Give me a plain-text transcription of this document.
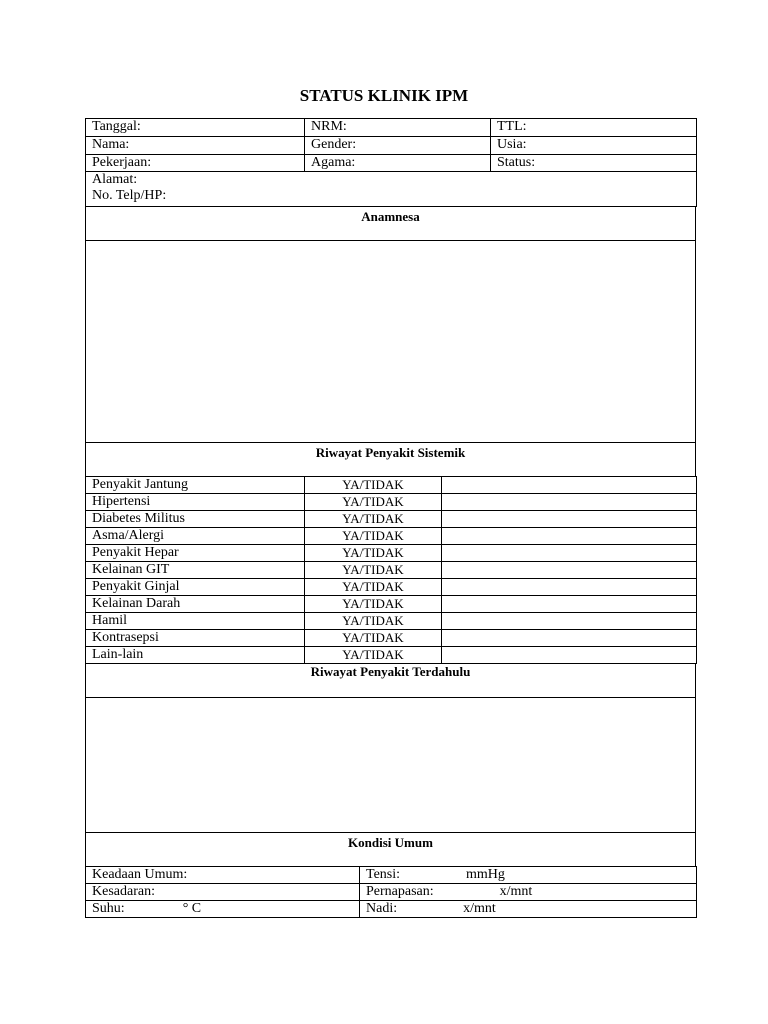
STATUS KLINIK IPM
Tanggal:	NRM:	TTL:
Nama:	Gender:	Usia:
Pekerjaan:	Agama:	Status:

Alamat:
No. Telp/HP:		
Anamnesa

Riwayat Penyakit Sistemik
Penyakit Jantung	YA/TIDAK	
Hipertensi	YA/TIDAK	
Diabetes Militus	YA/TIDAK	
Asma/Alergi	YA/TIDAK	
Penyakit Hepar	YA/TIDAK	
Kelainan GIT	YA/TIDAK	
Penyakit Ginjal	YA/TIDAK	
Kelainan Darah	YA/TIDAK	
Hamil	YA/TIDAK	
Kontrasepsi	YA/TIDAK	
Lain-lain	YA/TIDAK	
Riwayat Penyakit Terdahulu

Kondisi Umum
Keadaan Umum:	Tensi: mmHg
Kesadaran:	Pernapasan: x/mnt
Suhu: ° C	Nadi: x/mnt
